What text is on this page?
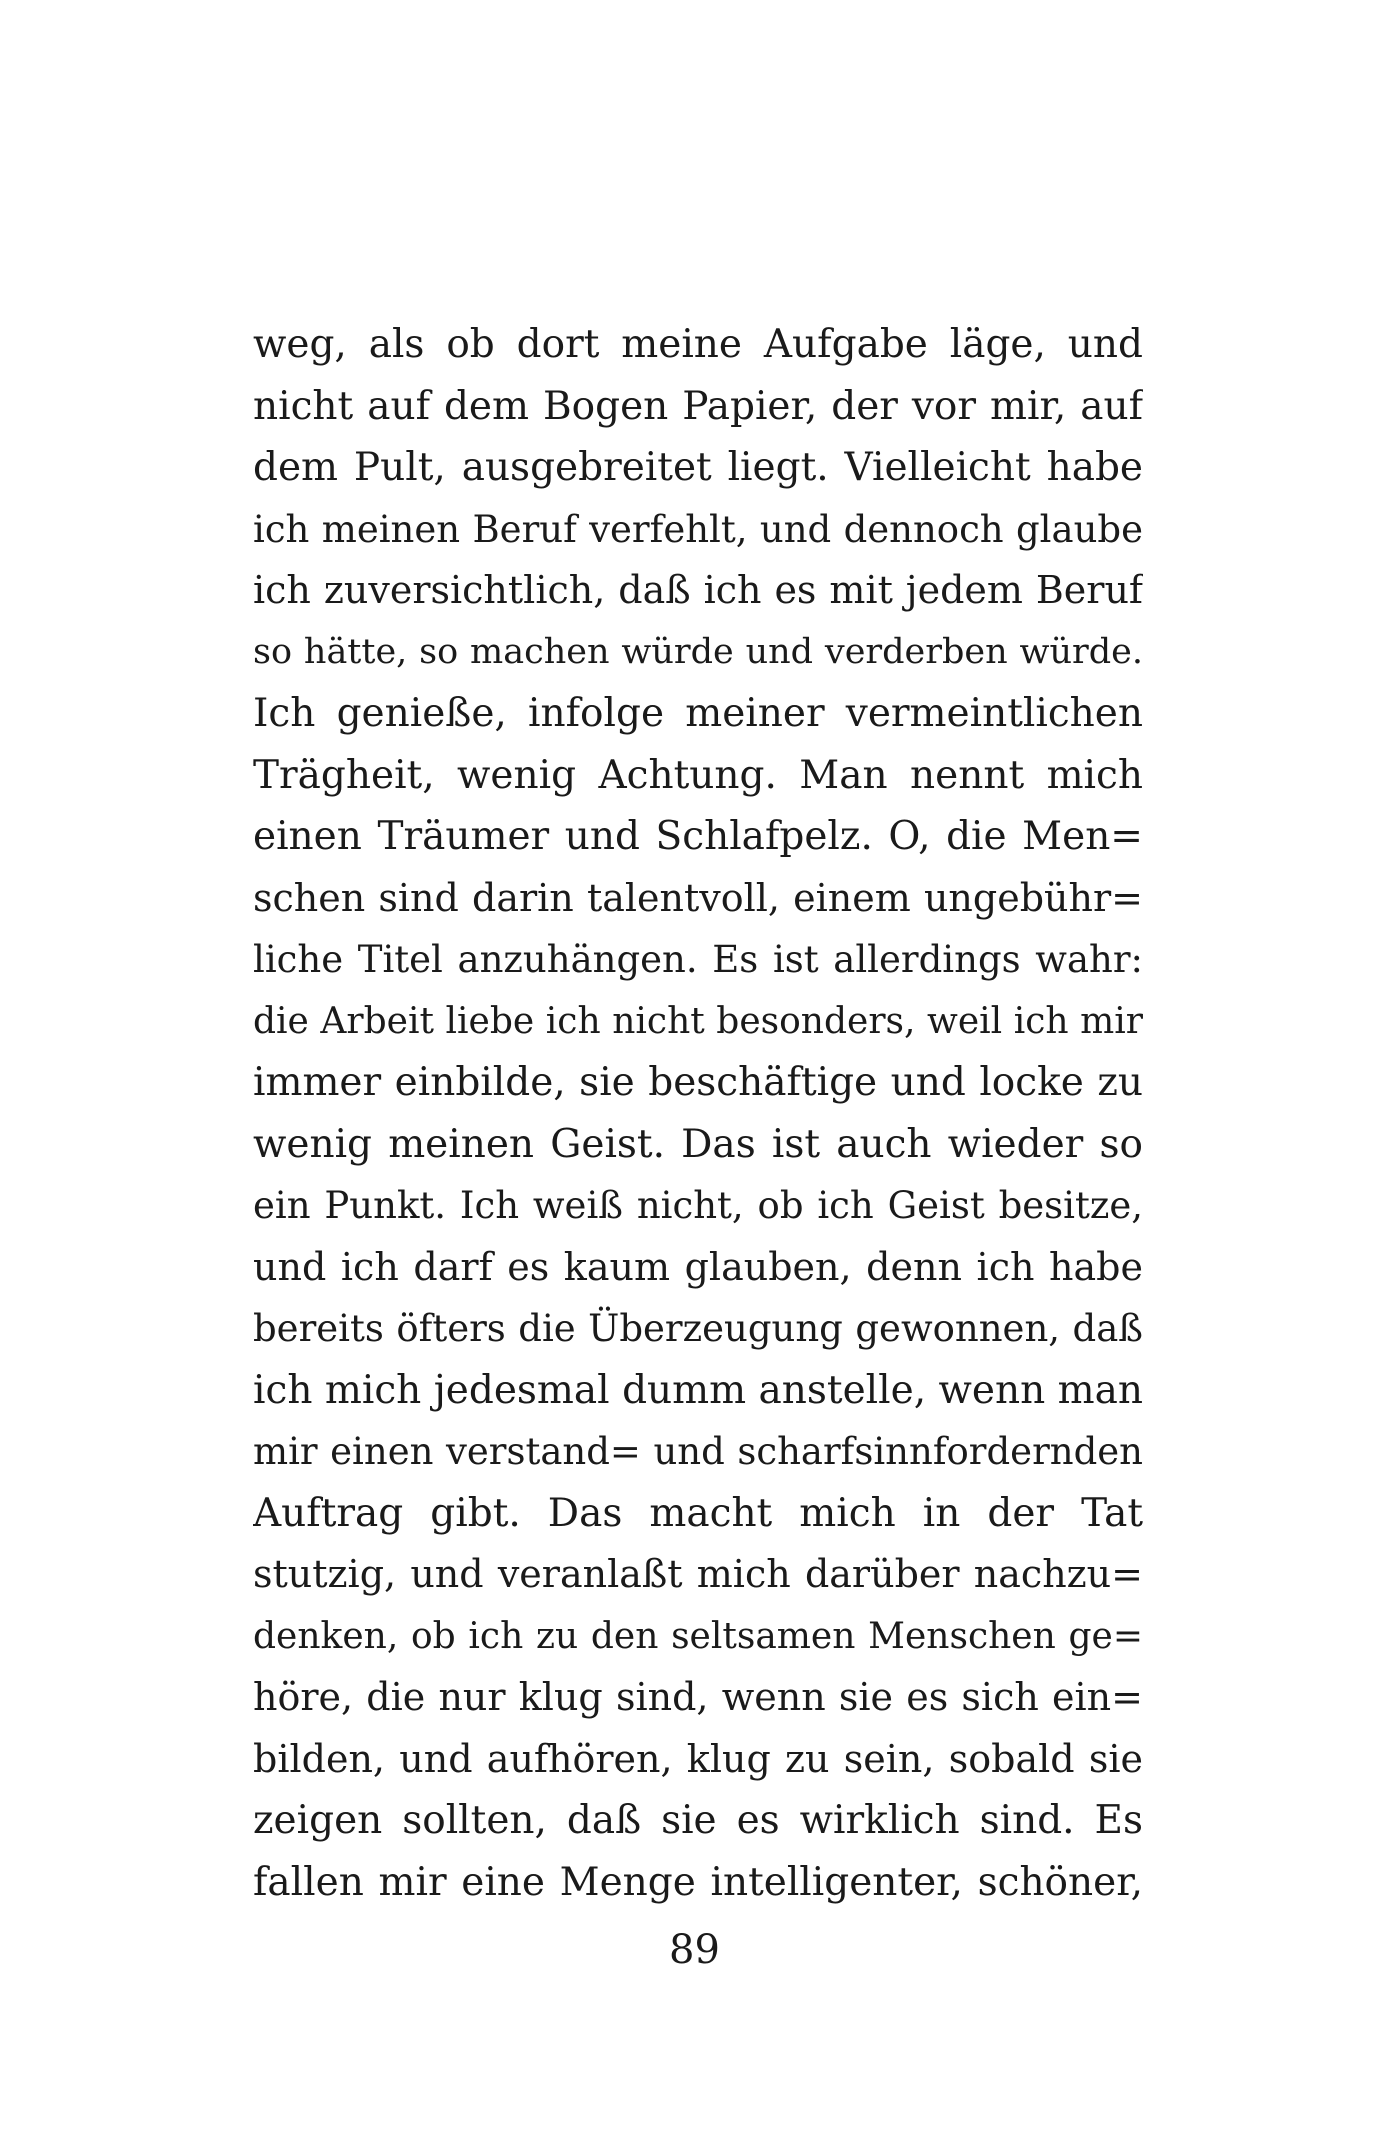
weg, als ob dort meine Aufgabe läge, und
nicht auf dem Bogen Papier, der vor mir, auf
dem Pult, ausgebreitet liegt. Vielleicht habe
ich meinen Beruf verfehlt, und dennoch glaube
ich zuversichtlich, daß ich es mit jedem Beruf
so hätte, so machen würde und verderben würde.
Ich genieße, infolge meiner vermeintlichen
Trägheit, wenig Achtung. Man nennt mich
einen Träumer und Schlafpelz. O, die Men=
schen sind darin talentvoll, einem ungebühr=
liche Titel anzuhängen. Es ist allerdings wahr:
die Arbeit liebe ich nicht besonders, weil ich mir
immer einbilde, sie beschäftige und locke zu
wenig meinen Geist. Das ist auch wieder so
ein Punkt. Ich weiß nicht, ob ich Geist besitze,
und ich darf es kaum glauben, denn ich habe
bereits öfters die Überzeugung gewonnen, daß
ich mich jedesmal dumm anstelle, wenn man
mir einen verstand= und scharfsinnfordernden
Auftrag gibt. Das macht mich in der Tat
stutzig, und veranlaßt mich darüber nachzu=
denken, ob ich zu den seltsamen Menschen ge=
höre, die nur klug sind, wenn sie es sich ein=
bilden, und aufhören, klug zu sein, sobald sie
zeigen sollten, daß sie es wirklich sind. Es
fallen mir eine Menge intelligenter, schöner,
89
